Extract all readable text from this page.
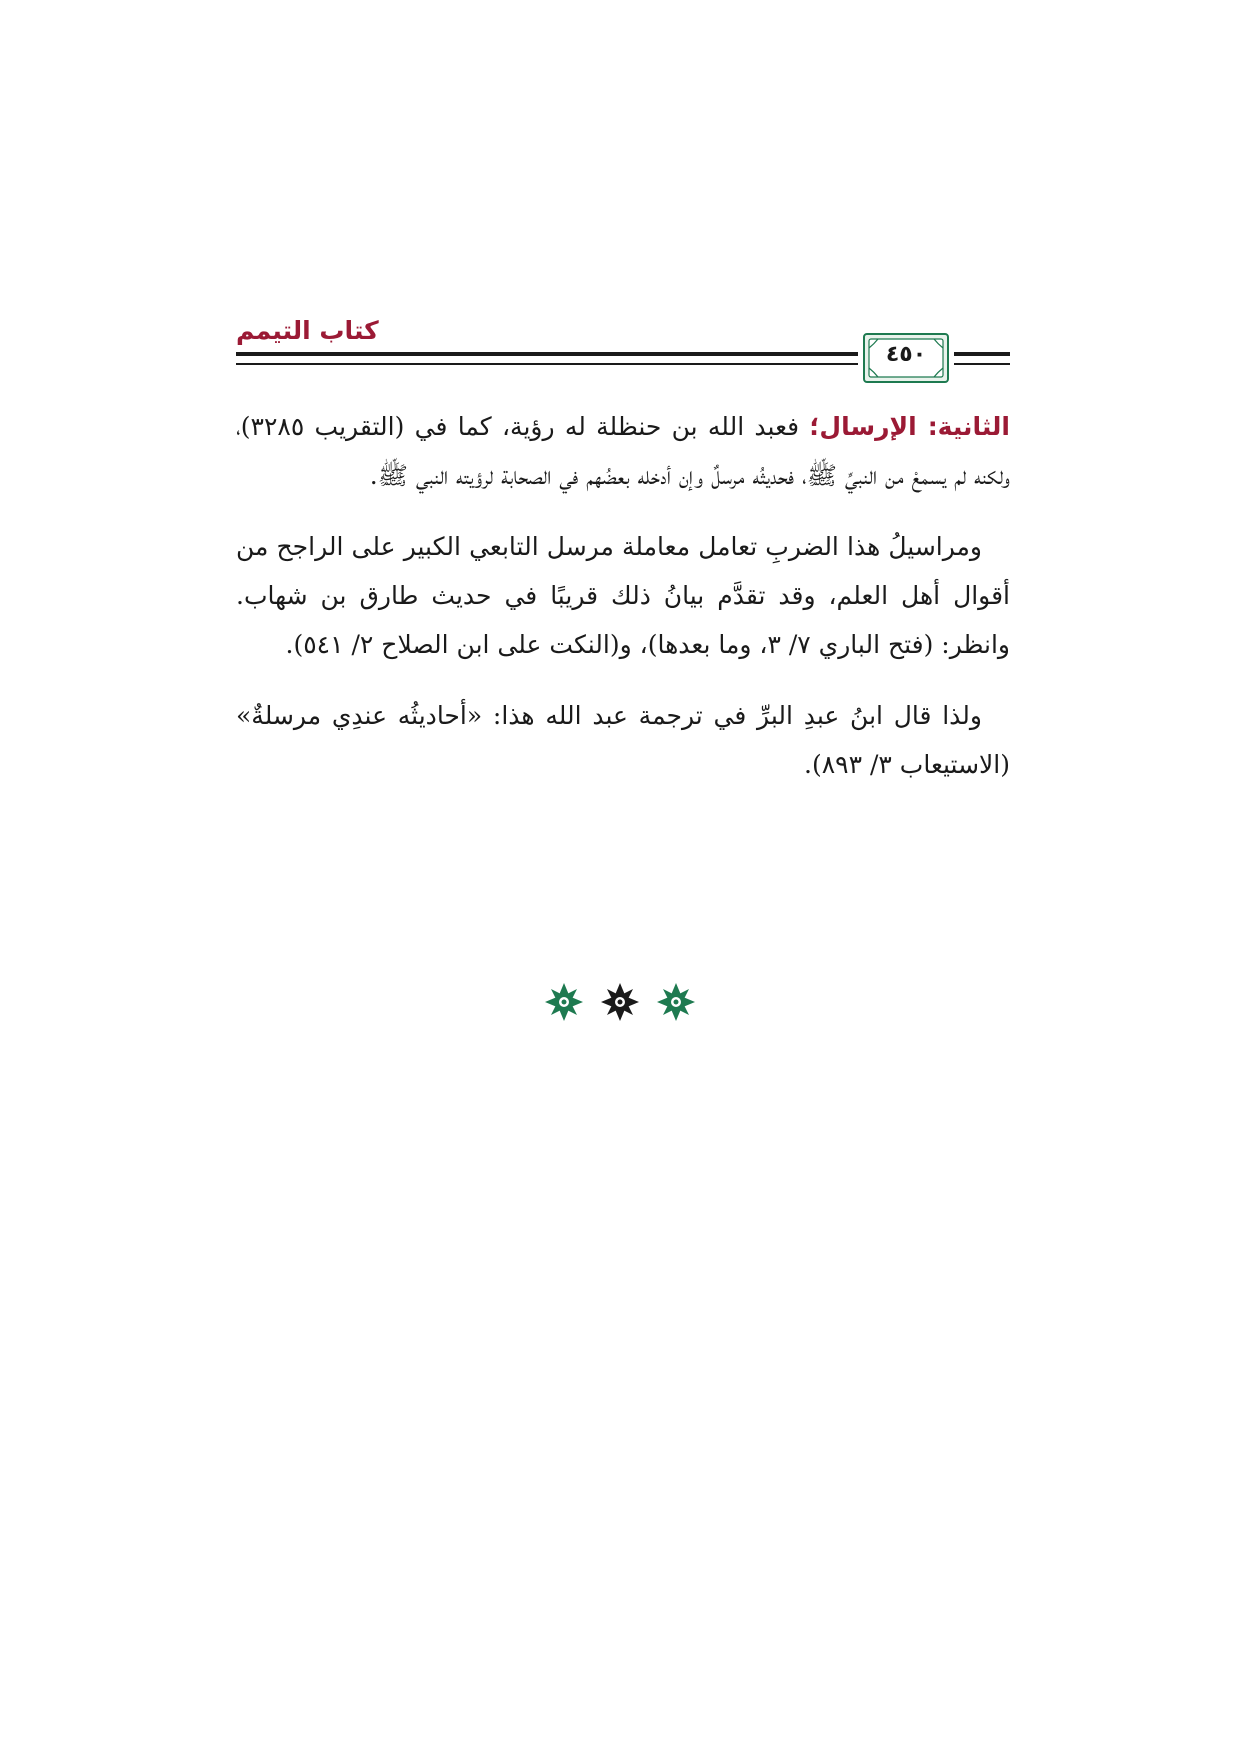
كتاب التيمم
٤٥٠

الثانية: الإرسال؛ فعبد الله بن حنظلة له رؤية، كما في (التقريب ٣٢٨٥)، ولكنه لم يسمعْ من النبيِّ ﷺ، فحديثُه مرسلٌ وإن أدخله بعضُهم في الصحابة لرؤيته النبي ﷺ.

ومراسيلُ هذا الضربِ تعامل معاملة مرسل التابعي الكبير على الراجح من أقوال أهل العلم، وقد تقدَّم بيانُ ذلك قريبًا في حديث طارق بن شهاب. وانظر: (فتح الباري ٧/ ٣، وما بعدها)، و(النكت على ابن الصلاح ٢/ ٥٤١).

ولذا قال ابنُ عبدِ البرِّ في ترجمة عبد الله هذا: «أحاديثُه عندِي مرسلةٌ» (الاستيعاب ٣/ ٨٩٣).
